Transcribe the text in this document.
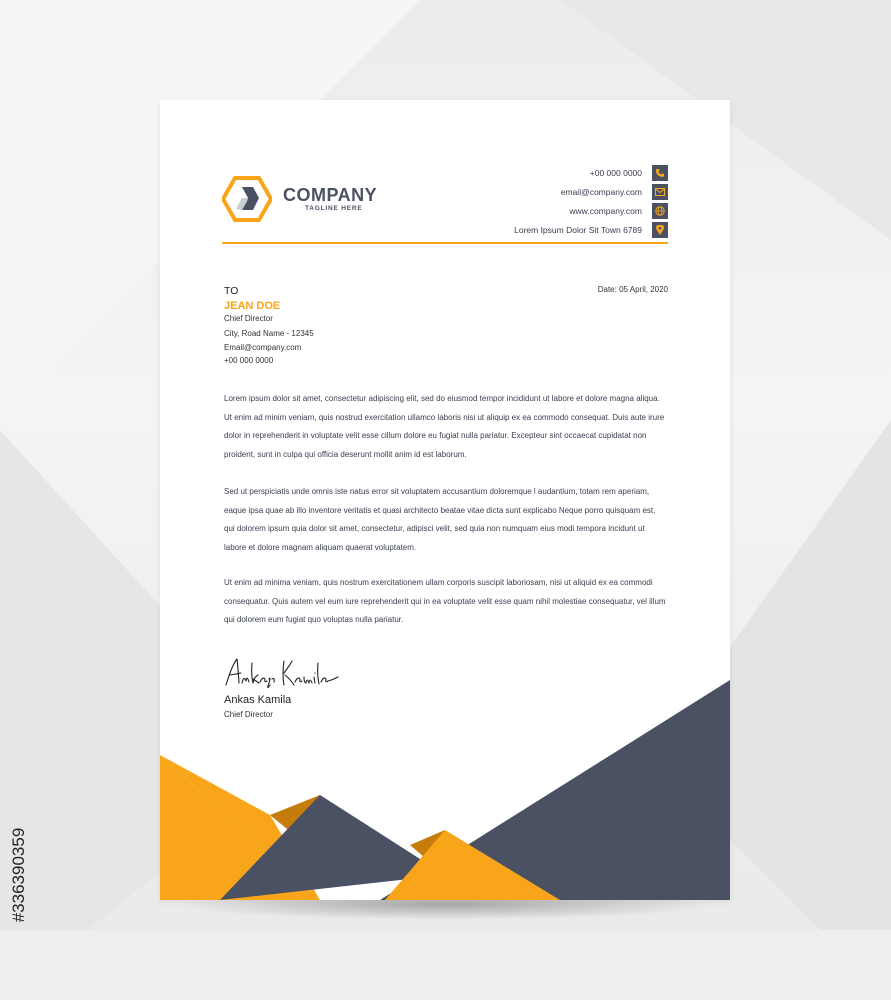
#336390359
COMPANY
TAGLINE HERE
+00 000 0000
email@company.com
www.company.com
Lorem Ipsum Dolor Sit Town 6789
TO
JEAN DOE
Chief Director
City, Road Name - 12345
Email@company.com
+00 000 0000
Date: 05 April, 2020
Lorem ipsum dolor sit amet, consectetur adipiscing elit, sed do eiusmod tempor incididunt ut labore et dolore magna aliqua. Ut enim ad minim veniam, quis nostrud exercitation ullamco laboris nisi ut aliquip ex ea commodo consequat. Duis aute irure dolor in reprehenderit in voluptate velit esse cillum dolore eu fugiat nulla pariatur. Excepteur sint occaecat cupidatat non proident, sunt in culpa qui officia deserunt mollit anim id est laborum.
Sed ut perspiciatis unde omnis iste natus error sit voluptatem accusantium doloremque l audantium, totam rem aperiam, eaque ipsa quae ab illo inventore veritatis et quasi architecto beatae vitae dicta sunt explicabo Neque porro quisquam est, qui dolorem ipsum quia dolor sit amet, consectetur, adipisci velit, sed quia non numquam eius modi tempora incidunt ut labore et dolore magnam aliquam quaerat voluptatem.
Ut enim ad minima veniam, quis nostrum exercitationem ullam corporis suscipit laboriosam, nisi ut aliquid ex ea commodi consequatur. Quis autem vel eum iure reprehenderit qui in ea voluptate velit esse quam nihil molestiae consequatur, vel illum qui dolorem eum fugiat quo voluptas nulla pariatur.
Ankas Kamila
Chief Director
